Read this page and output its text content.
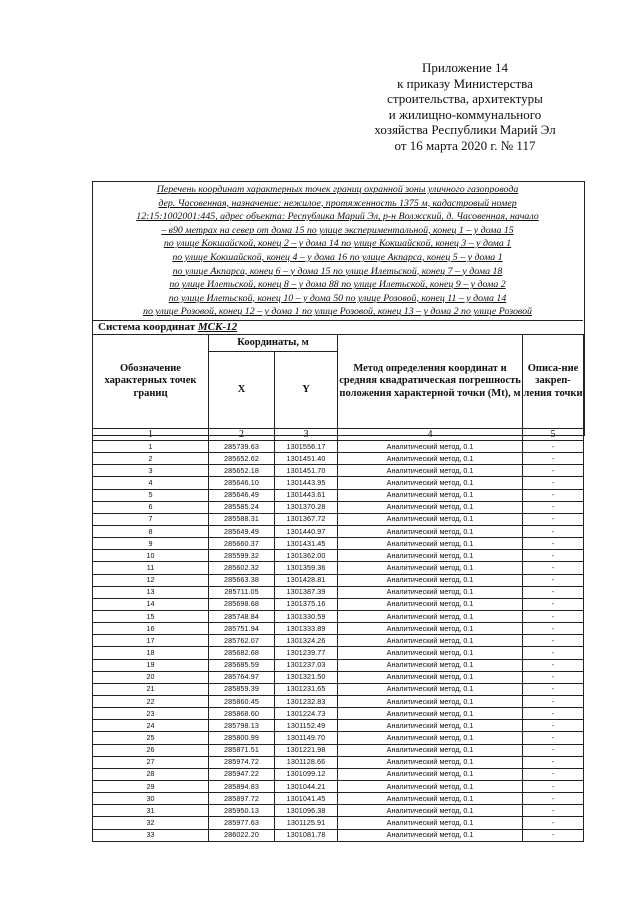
Приложение 14
к приказу Министерства
строительства, архитектуры
и жилищно-коммунального
хозяйства Республики Марий Эл
от 16 марта 2020 г. № 117
Перечень координат характерных точек границ охранной зоны уличного газопровода
дер. Часовенная, назначение: нежилое, протяженность 1375 м, кадастровый номер
12:15:1002001:445, адрес объекта: Республика Марий Эл, р-н Волжский, д. Часовенная, начало
– в90 метрах на север от дома 15 по улице экспериментальной, конец 1 – у дома 15
по улице Кокшайской, конец 2 – у дома 14 по улице Кокшайской, конец 3 – у дома 1
по улице Кокшайской, конец 4 – у дома 16 по улице Акпарса, конец 5 – у дома 1
по улице Акпарса, конец 6 – у дома 15 по улице Илетьской, конец 7 – у дома 18
по улице Илетьской, конец 8 – у дома 88 по улице Илетьской, конец 9 – у дома 2
по улице Илетьской, конец 10 – у дома 50 по улице Розовой, конец 11 – у дома 14
по улице Розовой, конец 12 – у дома 1 по улице Розовой, конец 13 – у дома 2 по улице Розовой
Система координат МСК-12
Обозначение характерных точек границ	Координаты, м		Метод определения координат и средняя квадратическая погрешность положения характерной точки (Mt), м	Описа-ние закреп-ления точки
	X	Y		
1	2	3	4	5
1	285739.63	1301556.17	Аналитический метод, 0.1	-
2	285652.62	1301451.40	Аналитический метод, 0.1	-
3	285652.18	1301451.70	Аналитический метод, 0.1	-
4	285646.10	1301443.95	Аналитический метод, 0.1	-
5	285646.49	1301443.61	Аналитический метод, 0.1	-
6	285585.24	1301370.28	Аналитический метод, 0.1	-
7	285588.31	1301367.72	Аналитический метод, 0.1	-
8	285649.49	1301440.97	Аналитический метод, 0.1	-
9	285660.37	1301431.45	Аналитический метод, 0.1	-
10	285599.32	1301362.00	Аналитический метод, 0.1	-
11	285602.32	1301359.36	Аналитический метод, 0.1	-
12	285663.38	1301428.81	Аналитический метод, 0.1	-
13	285711.05	1301387.39	Аналитический метод, 0.1	-
14	285698.68	1301375.16	Аналитический метод, 0.1	-
15	285748.84	1301330.59	Аналитический метод, 0.1	-
16	285751.94	1301333.89	Аналитический метод, 0.1	-
17	285762.07	1301324.26	Аналитический метод, 0.1	-
18	285682.68	1301239.77	Аналитический метод, 0.1	-
19	285685.59	1301237.03	Аналитический метод, 0.1	-
20	285764.97	1301321.50	Аналитический метод, 0.1	-
21	285859.39	1301231.65	Аналитический метод, 0.1	-
22	285860.45	1301232.83	Аналитический метод, 0.1	-
23	285868.60	1301224.73	Аналитический метод, 0.1	-
24	285798.13	1301152.49	Аналитический метод, 0.1	-
25	285800.99	1301149.70	Аналитический метод, 0.1	-
26	285871.51	1301221.98	Аналитический метод, 0.1	-
27	285974.72	1301128.66	Аналитический метод, 0.1	-
28	285947.22	1301099.12	Аналитический метод, 0.1	-
29	285894.83	1301044.21	Аналитический метод, 0.1	-
30	285897.72	1301041.45	Аналитический метод, 0.1	-
31	285950.13	1301096.38	Аналитический метод, 0.1	-
32	285977.63	1301125.91	Аналитический метод, 0.1	-
33	286022.20	1301081.78	Аналитический метод, 0.1	-
